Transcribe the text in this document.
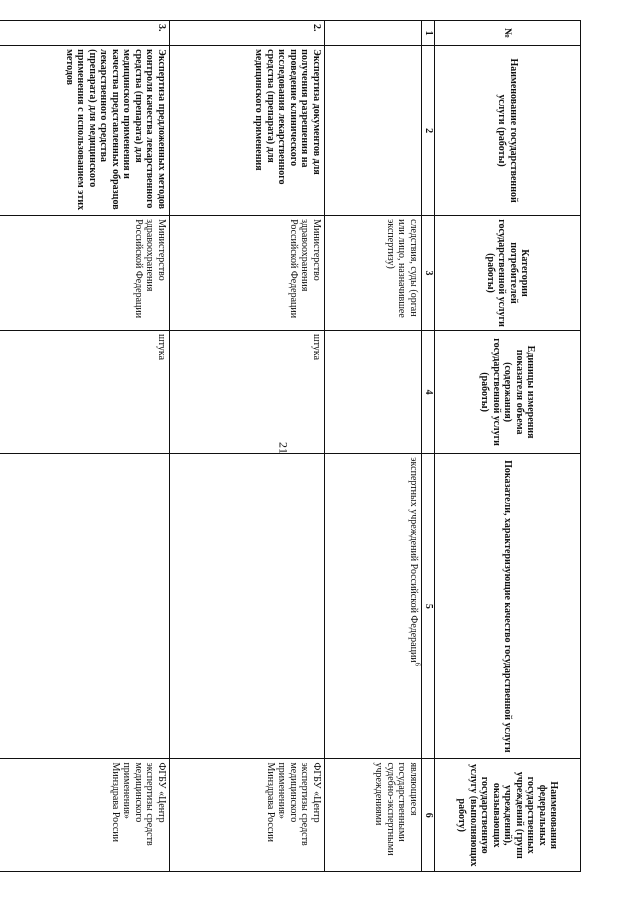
21
№	Наименование государственной услуги (работы)	Категории потребителей государственной услуги (работы)	Единицы измерения показателя объема (содержания) государственной услуги (работы)	Показатели, характеризующие качество государственной услуги	Наименования федеральных государственных учреждений (групп учреждений), оказывающих государственную услугу (выполняющих работу)
1	2	3	4	5	6
		следствия, суды (орган или лицо, назначившее экспертизу)		экспертных учреждений Российской Федерации$^6$	являющиеся государственными судебно-экспертными учреждениями
2.	Экспертиза документов для получения разрешения на проведение клинического исследования лекарственного средства (препарата) для медицинского применения	Министерство здравоохранения Российской Федерации	штука		ФГБУ «Центр экспертизы средств медицинского применения» Минздрава России
3.	Экспертиза предложенных методов контроля качества лекарственного средства (препарата) для медицинского применения и качества представленных образцов лекарственного средства (препарата) для медицинского применения с использованием этих методов	Министерство здравоохранения Российской Федерации	штука		ФГБУ «Центр экспертизы средств медицинского применения» Минздрава России
